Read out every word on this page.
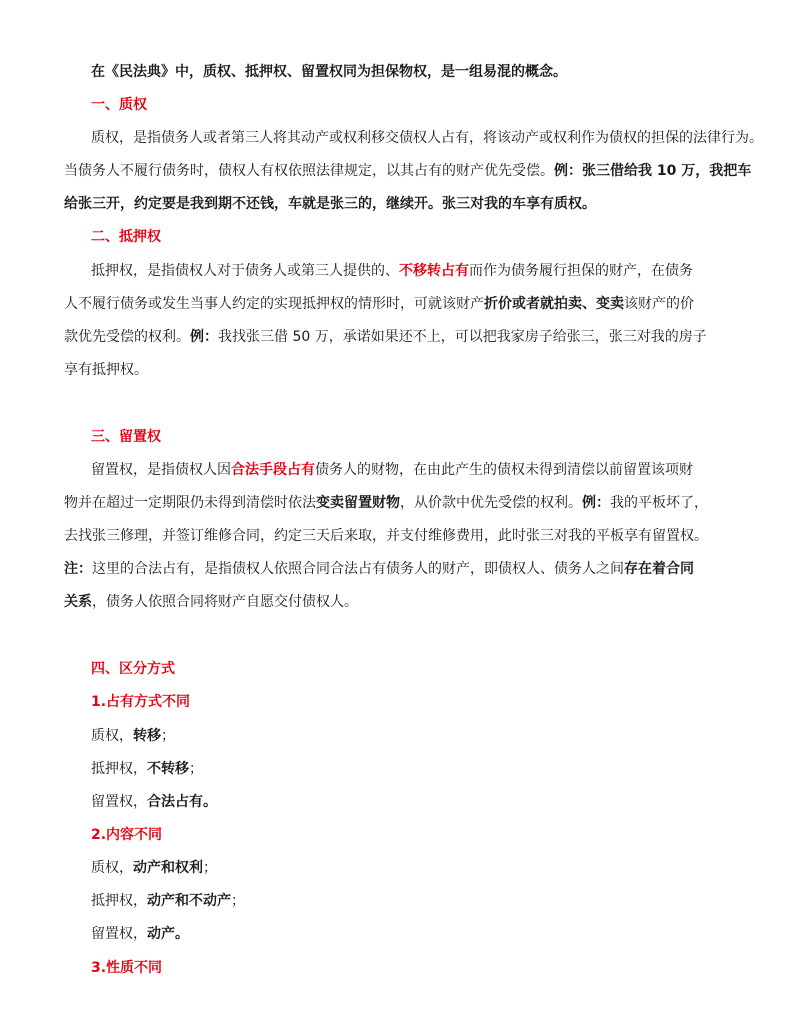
在《民法典》中，质权、抵押权、留置权同为担保物权，是一组易混的概念。
一、质权
质权，是指债务人或者第三人将其动产或权利移交债权人占有，将该动产或权利作为债权的担保的法律行为。
当债务人不履行债务时，债权人有权依照法律规定，以其占有的财产优先受偿。例：张三借给我 10 万，我把车
给张三开，约定要是我到期不还钱，车就是张三的，继续开。张三对我的车享有质权。
二、抵押权
抵押权，是指债权人对于债务人或第三人提供的、不移转占有而作为债务履行担保的财产，在债务
人不履行债务或发生当事人约定的实现抵押权的情形时，可就该财产折价或者就拍卖、变卖该财产的价
款优先受偿的权利。例：我找张三借 50 万，承诺如果还不上，可以把我家房子给张三，张三对我的房子
享有抵押权。
三、留置权
留置权，是指债权人因合法手段占有债务人的财物，在由此产生的债权未得到清偿以前留置该项财
物并在超过一定期限仍未得到清偿时依法变卖留置财物，从价款中优先受偿的权利。例：我的平板坏了，
去找张三修理，并签订维修合同，约定三天后来取，并支付维修费用，此时张三对我的平板享有留置权。
注：这里的合法占有，是指债权人依照合同合法占有债务人的财产，即债权人、债务人之间存在着合同
关系，债务人依照合同将财产自愿交付债权人。
四、区分方式
1.占有方式不同
质权，转移；
抵押权，不转移；
留置权，合法占有。
2.内容不同
质权，动产和权利；
抵押权，动产和不动产；
留置权，动产。
3.性质不同
